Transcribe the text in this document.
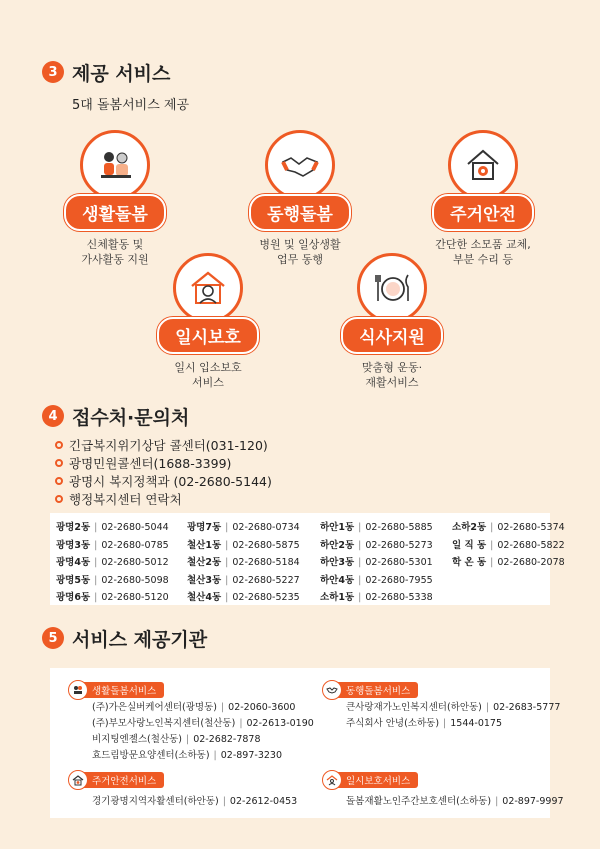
3 제공 서비스
5대 돌봄서비스 제공
생활돌봄
신체활동 및
가사활동 지원
동행돌봄
병원 및 일상생활
업무 동행
주거안전
간단한 소모품 교체,
부분 수리 등
일시보호
일시 입소보호
서비스
식사지원
맞춤형 운동·
재활서비스
4 접수처·문의처
긴급복지위기상담 콜센터(031-120)
광명민원콜센터(1688-3399)
광명시 복지정책과 (02-2680-5144)
행정복지센터 연락처
광명2동 | 02-2680-5044
광명3동 | 02-2680-0785
광명4동 | 02-2680-5012
광명5동 | 02-2680-5098
광명6동 | 02-2680-5120
광명7동 | 02-2680-0734
철산1동 | 02-2680-5875
철산2동 | 02-2680-5184
철산3동 | 02-2680-5227
철산4동 | 02-2680-5235
하안1동 | 02-2680-5885
하안2동 | 02-2680-5273
하안3동 | 02-2680-5301
하안4동 | 02-2680-7955
소하1동 | 02-2680-5338
소하2동 | 02-2680-5374
일 직 동 | 02-2680-5822
학 온 동 | 02-2680-2078
5 서비스 제공기관
생활돌봄서비스
(주)가은실버케어센터(광명동) | 02-2060-3600
(주)부모사랑노인복지센터(철산동) | 02-2613-0190
비지팅엔젤스(철산동) | 02-2682-7878
효드림방문요양센터(소하동) | 02-897-3230
동행돌봄서비스
큰사랑재가노인복지센터(하안동) | 02-2683-5777
주식회사 안녕(소하동) | 1544-0175
주거안전서비스
경기광명지역자활센터(하안동) | 02-2612-0453
일시보호서비스
돌봄재활노인주간보호센터(소하동) | 02-897-9997
